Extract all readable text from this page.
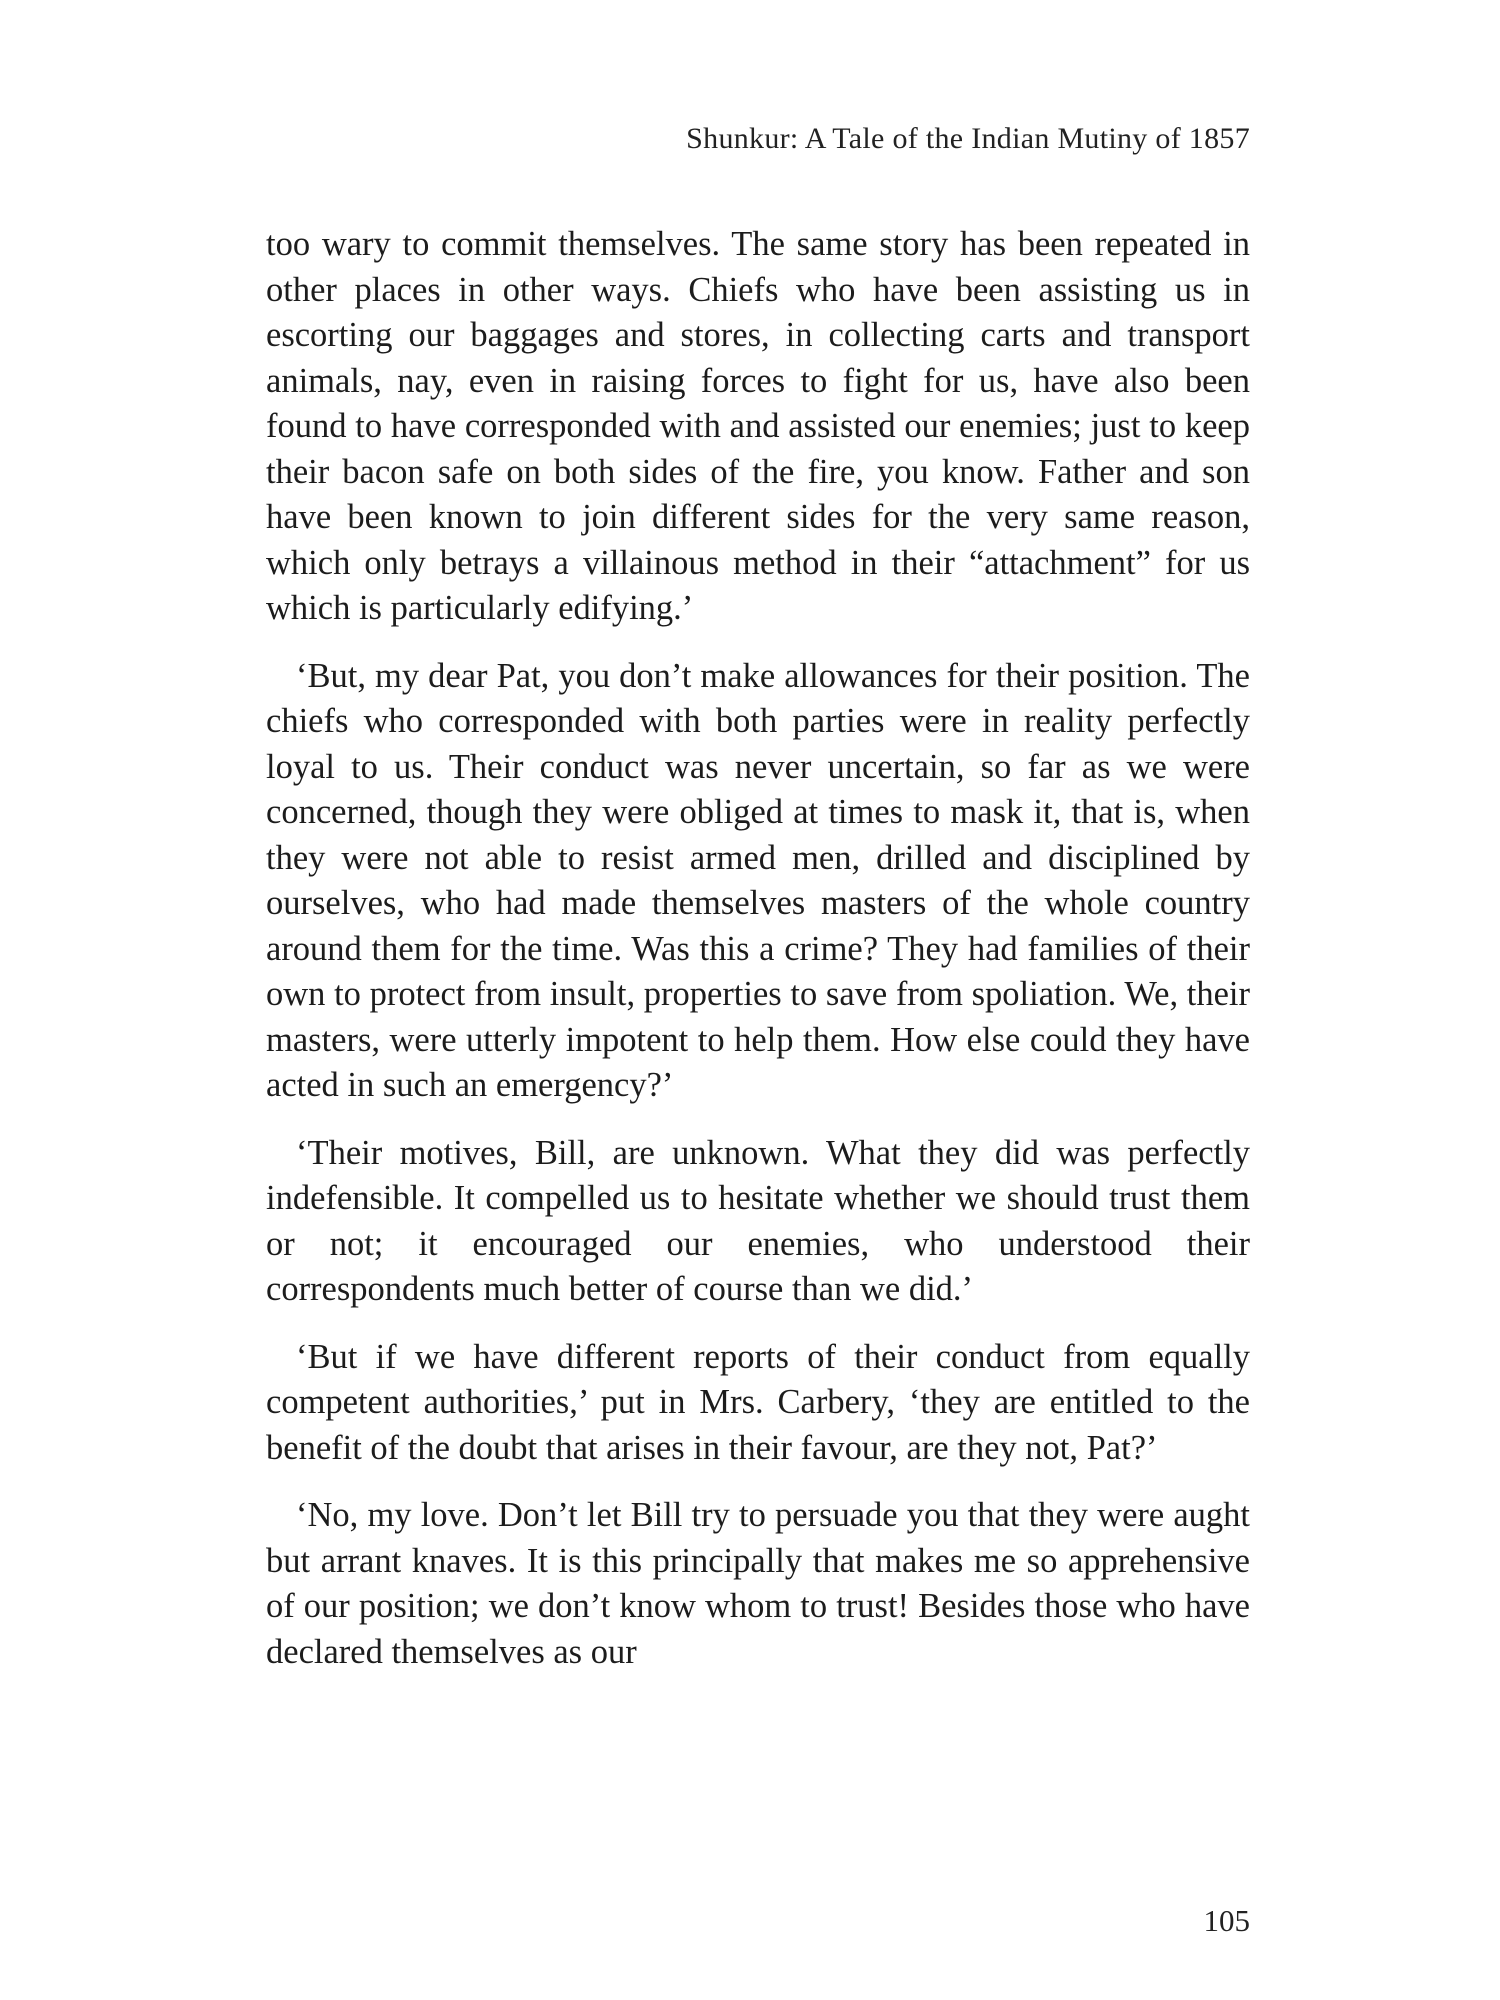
Shunkur: A Tale of the Indian Mutiny of 1857

too wary to commit themselves. The same story has been repeated in other places in other ways. Chiefs who have been assisting us in escorting our baggages and stores, in collecting carts and transport animals, nay, even in raising forces to fight for us, have also been found to have corresponded with and assisted our enemies; just to keep their bacon safe on both sides of the fire, you know. Father and son have been known to join different sides for the very same reason, which only betrays a villainous method in their “attachment” for us which is particularly edifying.’

‘But, my dear Pat, you don’t make allowances for their position. The chiefs who corresponded with both parties were in reality perfectly loyal to us. Their conduct was never uncertain, so far as we were concerned, though they were obliged at times to mask it, that is, when they were not able to resist armed men, drilled and disciplined by ourselves, who had made themselves masters of the whole country around them for the time. Was this a crime? They had families of their own to protect from insult, properties to save from spoliation. We, their masters, were utterly impotent to help them. How else could they have acted in such an emergency?’

‘Their motives, Bill, are unknown. What they did was perfectly indefensible. It compelled us to hesitate whether we should trust them or not; it encouraged our enemies, who understood their correspondents much better of course than we did.’

‘But if we have different reports of their conduct from equally competent authorities,’ put in Mrs. Carbery, ‘they are entitled to the benefit of the doubt that arises in their favour, are they not, Pat?’

‘No, my love. Don’t let Bill try to persuade you that they were aught but arrant knaves. It is this principally that makes me so apprehensive of our position; we don’t know whom to trust! Besides those who have declared themselves as our

105
